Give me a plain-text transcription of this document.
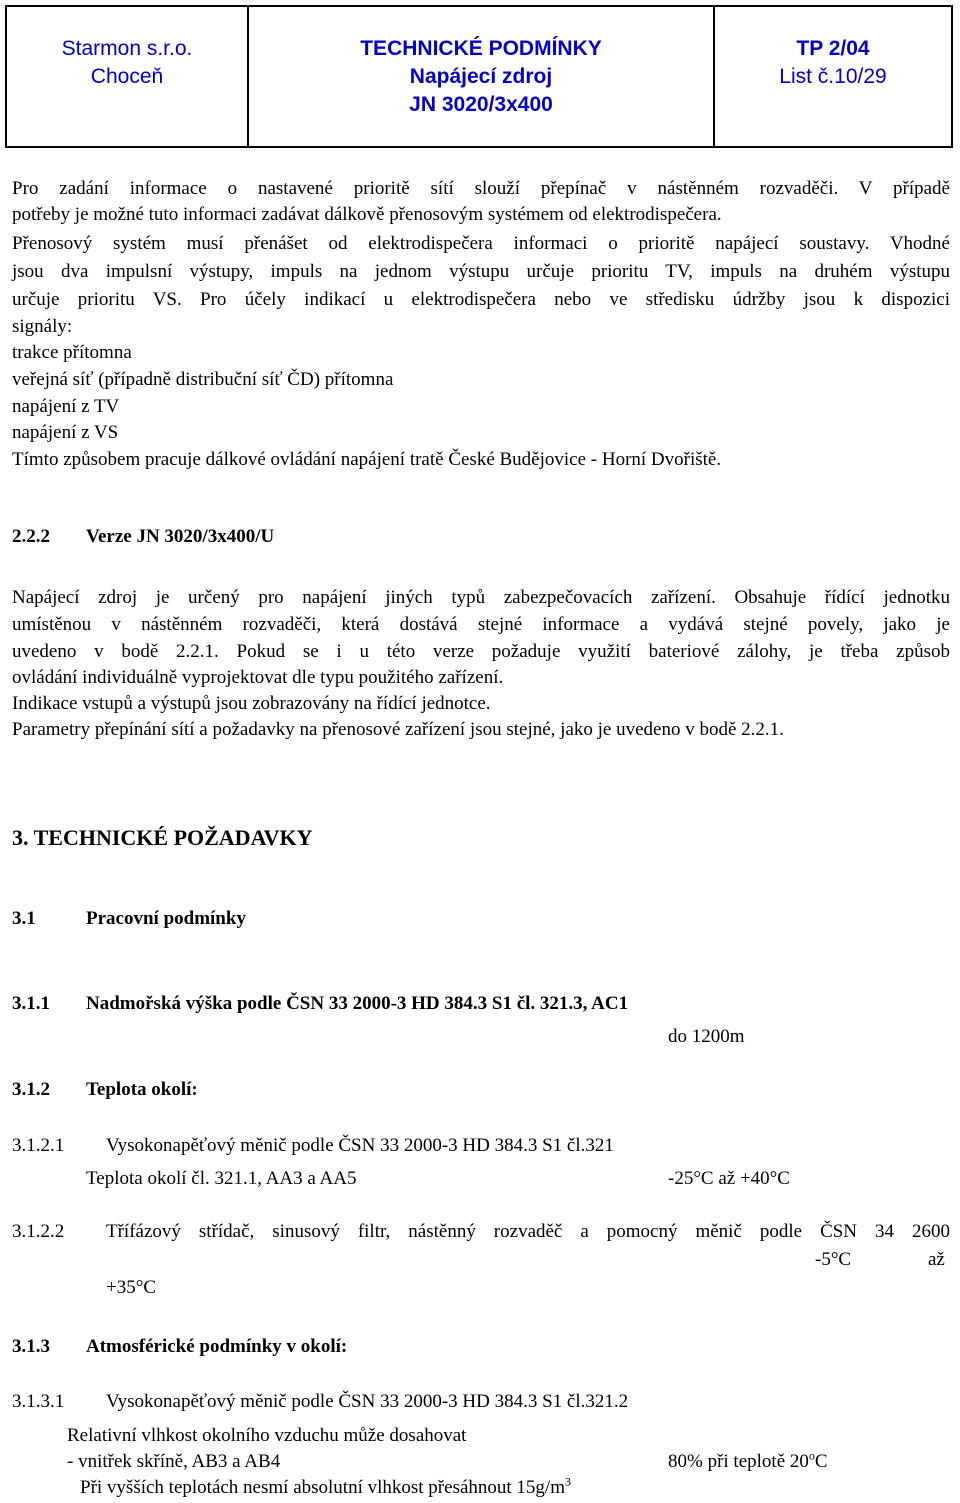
Starmon s.r.o.
Choceň
TECHNICKÉ PODMÍNKY
Napájecí zdroj
JN 3020/3x400
TP 2/04
List č.10/29
Pro zadání informace o nastavené prioritě sítí slouží přepínač v nástěnném rozvaděči. V případě
potřeby je možné tuto informaci zadávat dálkově přenosovým systémem od elektrodispečera.
Přenosový systém musí přenášet od elektrodispečera informaci o prioritě napájecí soustavy. Vhodné
jsou dva impulsní výstupy, impuls na jednom výstupu určuje prioritu TV, impuls na druhém výstupu
určuje prioritu VS. Pro účely indikací u elektrodispečera nebo ve středisku údržby jsou k dispozici
signály:
trakce přítomna
veřejná síť (případně distribuční síť ČD) přítomna
napájení z TV
napájení z VS
Tímto způsobem pracuje dálkové ovládání napájení tratě České Budějovice - Horní Dvořiště.
2.2.2 Verze JN 3020/3x400/U
Napájecí zdroj je určený pro napájení jiných typů zabezpečovacích zařízení. Obsahuje řídící jednotku
umístěnou v nástěnném rozvaděči, která dostává stejné informace a vydává stejné povely, jako je
uvedeno v bodě 2.2.1. Pokud se i u této verze požaduje využití bateriové zálohy, je třeba způsob
ovládání individuálně vyprojektovat dle typu použitého zařízení.
Indikace vstupů a výstupů jsou zobrazovány na řídící jednotce.
Parametry přepínání sítí a požadavky na přenosové zařízení jsou stejné, jako je uvedeno v bodě 2.2.1.
3. TECHNICKÉ POŽADAVKY
3.1	Pracovní podmínky
3.1.1 Nadmořská výška podle ČSN 33 2000-3 HD 384.3 S1 čl. 321.3, AC1
do 1200m
3.1.2 Teplota okolí:
3.1.2.1 Vysokonapěťový měnič podle ČSN 33 2000-3 HD 384.3 S1 čl.321
Teplota okolí čl. 321.1, AA3 a AA5	-25°C až +40°C
3.1.2.2 Třífázový střídač, sinusový filtr, nástěnný rozvaděč a pomocný měnič podle ČSN 34 2600
-5°C	až
+35°C
3.1.3 Atmosférické podmínky v okolí:
3.1.3.1 Vysokonapěťový měnič podle ČSN 33 2000-3 HD 384.3 S1 čl.321.2
Relativní vlhkost okolního vzduchu může dosahovat
- vnitřek skříně, AB3 a AB4	80% při teplotě 20$^o$C
Při vyšších teplotách nesmí absolutní vlhkost přesáhnout $15g/m^3$
